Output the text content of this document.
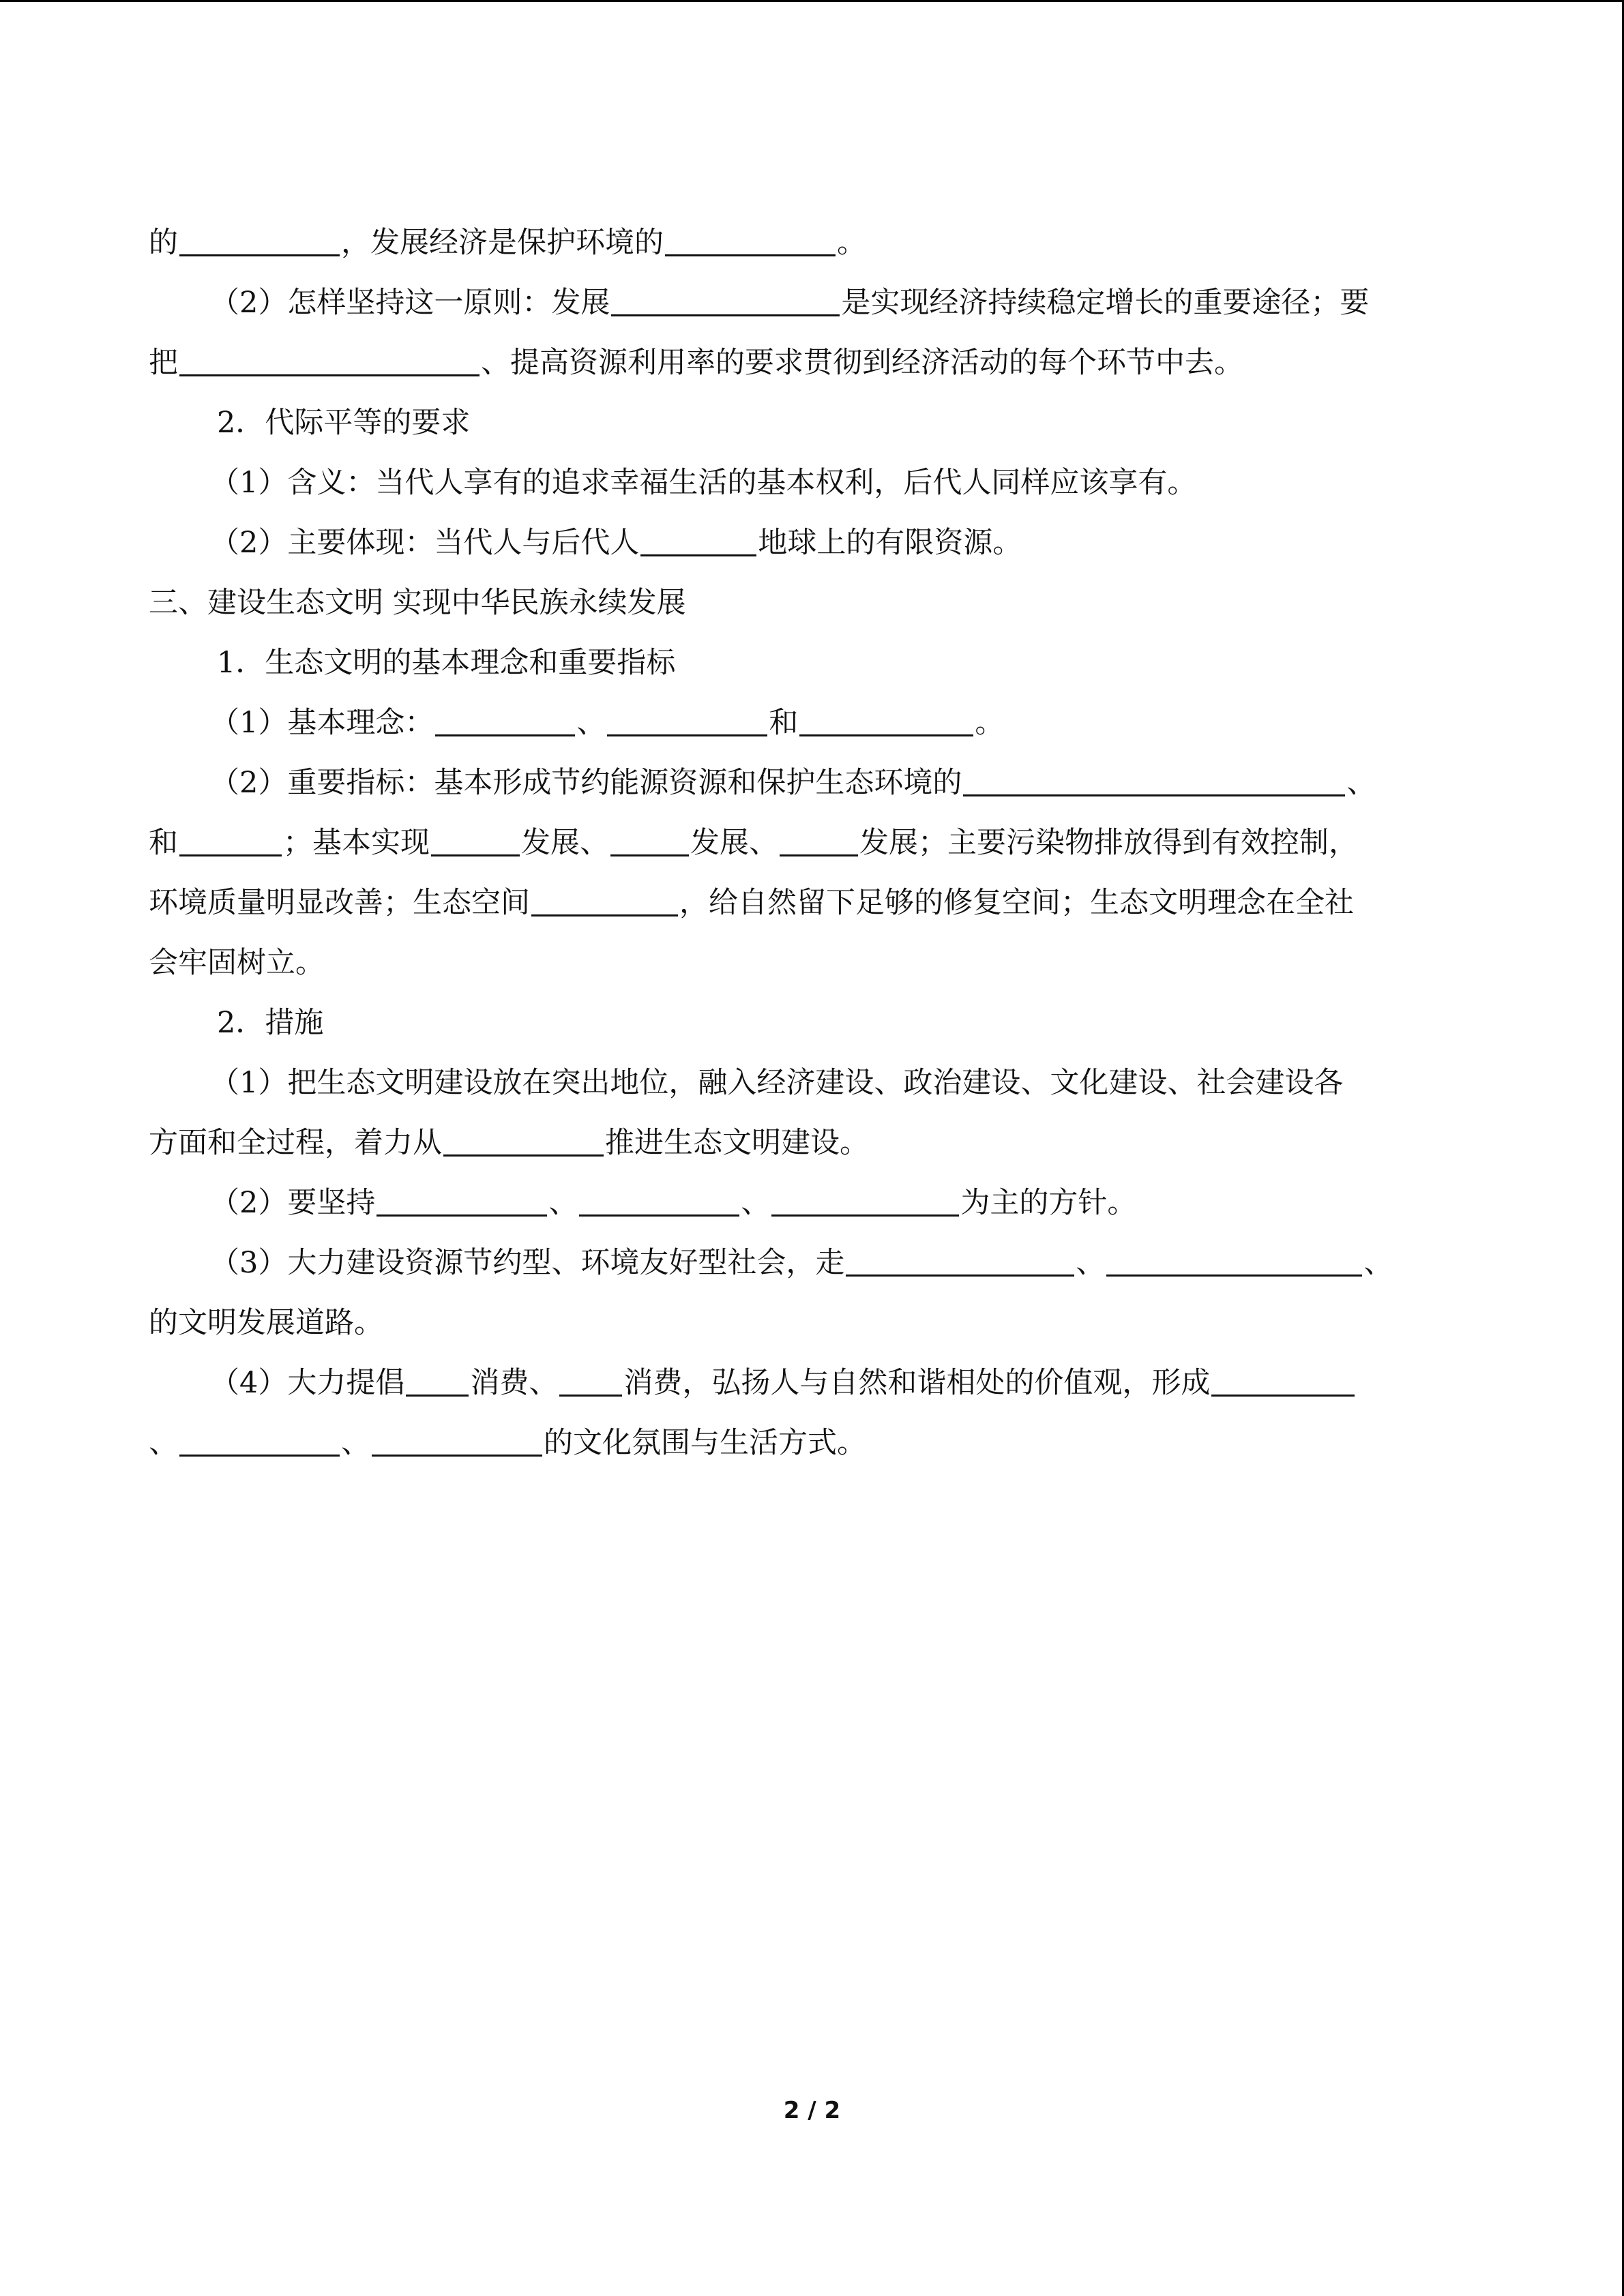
的	，发展经济是保护环境的	。
（2）怎样坚持这一原则：发展	是实现经济持续稳定增长的重要途径；要
把	、提高资源利用率的要求贯彻到经济活动的每个环节中去。
2．代际平等的要求
（1）含义：当代人享有的追求幸福生活的基本权利，后代人同样应该享有。
（2）主要体现：当代人与后代人	地球上的有限资源。
三、建设生态文明 实现中华民族永续发展
1．生态文明的基本理念和重要指标
（1）基本理念：	、	和	。
（2）重要指标：基本形成节约能源资源和保护生态环境的	、
和	；基本实现	发展、	发展、	发展；主要污染物排放得到有效控制，
环境质量明显改善；生态空间	，给自然留下足够的修复空间；生态文明理念在全社
会牢固树立。
2．措施
（1）把生态文明建设放在突出地位，融入经济建设、政治建设、文化建设、社会建设各
方面和全过程，着力从	推进生态文明建设。
（2）要坚持	、	、	为主的方针。
（3）大力建设资源节约型、环境友好型社会，走	、	、
的文明发展道路。
（4）大力提倡 消费、 消费，弘扬人与自然和谐相处的价值观，形成
、	、	的文化氛围与生活方式。
2 / 2
